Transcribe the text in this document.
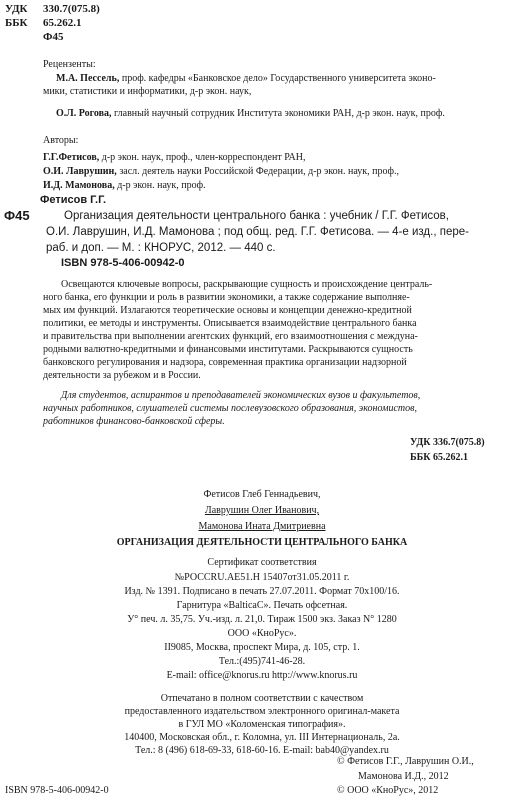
УДК 330.7(075.8)
ББК 65.262.1
Ф45
Рецензенты:
М.А. Пессель, проф. кафедры «Банковское дело» Государственного университета эконо-
мики, статистики и информатики, д-р экон. наук,
О.Л. Рогова, главный научный сотрудник Института экономики РАН, д-р экон. наук, проф.
Авторы:
Г.Г.Фетисов, д-р экон. наук, проф., член-корреспондент РАН,
О.И. Лаврушин, засл. деятель науки Российской Федерации, д-р экон. наук, проф.,
И.Д. Мамонова, д-р экон. наук, проф.
Ф45
Фетисов Г.Г.
Организация деятельности центрального банка : учебник / Г.Г. Фетисов,
О.И. Лаврушин, И.Д. Мамонова ; под общ. ред. Г.Г. Фетисова. — 4-е изд., пере-
раб. и доп. — М. : КНОРУС, 2012. — 440 с.
ISBN 978-5-406-00942-0
Освещаются ключевые вопросы, раскрывающие сущность и происхождение централь-
ного банка, его функции и роль в развитии экономики, а также содержание выполняе-
мых им функций. Излагаются теоретические основы и концепции денежно-кредитной
политики, ее методы и инструменты. Описывается взаимодействие центрального банка
и правительства при выполнении агентских функций, его взаимоотношения с междуна-
родными валютно-кредитными и финансовыми институтами. Раскрываются сущность
банковского регулирования и надзора, современная практика организации надзорной
деятельности за рубежом и в России.
Для студентов, аспирантов и преподавателей экономических вузов и факультетов,
научных работников, слушателей системы послевузовского образования, экономистов,
работников финансово-банковской сферы.
УДК 336.7(075.8)
ББК 65.262.1
Фетисов Глеб Геннадьевич,
Лаврушин Олег Иванович,
Мамонова Ината Дмитриевна
ОРГАНИЗАЦИЯ ДЕЯТЕЛЬНОСТИ ЦЕНТРАЛЬНОГО БАНКА
Сертификат соответствия
№РОССRU.АЕ51.Н 15407от31.05.2011 г.
Изд. № 1391. Подписано в печать 27.07.2011. Формат 70x100/16.
Гарнитура «BalticaC». Печать офсетная.
У° печ. л. 35,75. Уч.-изд. л. 21,0. Тираж 1500 экз. Заказ N° 1280
ООО «КноРус».
II9085, Москва, проспект Мира, д. 105, стр. 1.
Тел.:(495)741-46-28.
E-mail: office@knorus.ru http://www.knorus.ru
Отпечатано в полном соответствии с качеством
предоставленного издательством электронного оригинал-макета
в ГУЛ МО «Коломенская типография».
140400, Московская обл., г. Коломна, ул. III Интернациональ, 2а.
Тел.: 8 (496) 618-69-33, 618-60-16. E-mail: bab40@yandex.ru
ISBN 978-5-406-00942-0
© Фетисов Г.Г., Лаврушин О.И.,
Мамонова И.Д., 2012
© ООО «КноРус», 2012
